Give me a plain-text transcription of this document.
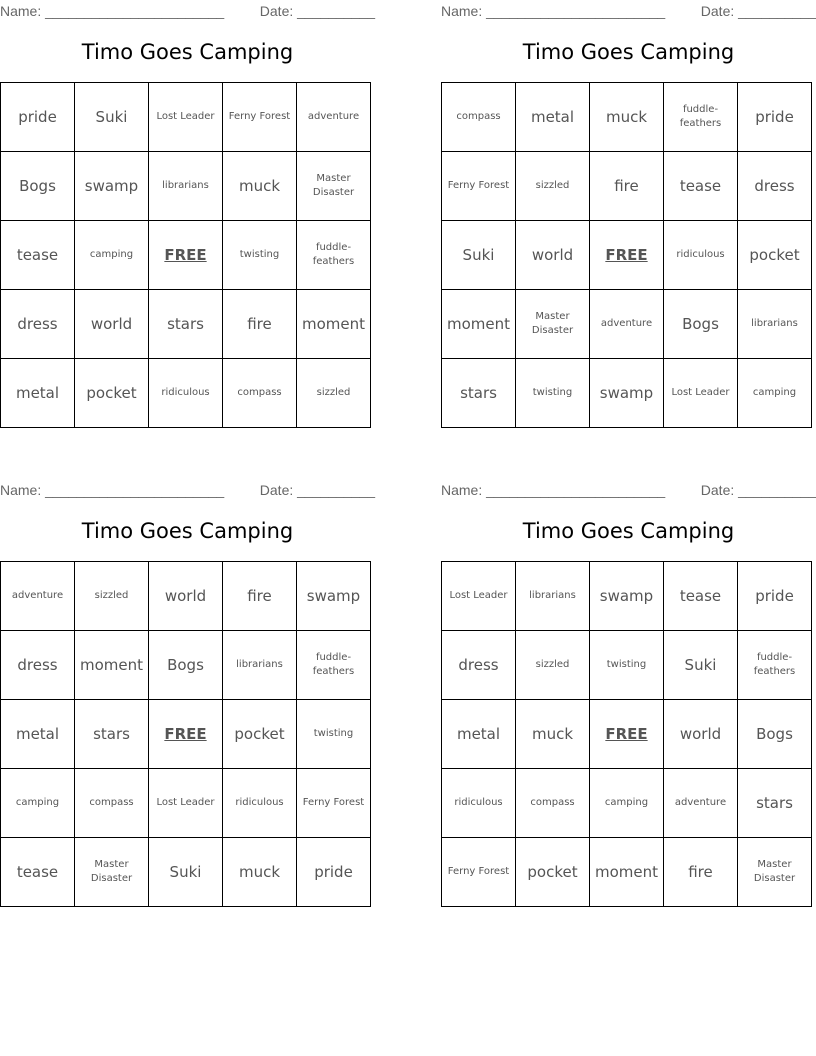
Name: _______________________	Date: __________
Timo Goes Camping
pride	Suki	Lost Leader	Ferny Forest	adventure
Bogs	swamp	librarians	muck	Master Disaster
tease	camping	FREE	twisting	fuddle-feathers
dress	world	stars	fire	moment
metal	pocket	ridiculous	compass	sizzled
Name: _______________________	Date: __________
Timo Goes Camping
compass	metal	muck	fuddle-feathers	pride
Ferny Forest	sizzled	fire	tease	dress
Suki	world	FREE	ridiculous	pocket
moment	Master Disaster	adventure	Bogs	librarians
stars	twisting	swamp	Lost Leader	camping
Name: _______________________	Date: __________
Timo Goes Camping
adventure	sizzled	world	fire	swamp
dress	moment	Bogs	librarians	fuddle-feathers
metal	stars	FREE	pocket	twisting
camping	compass	Lost Leader	ridiculous	Ferny Forest
tease	Master Disaster	Suki	muck	pride
Name: _______________________	Date: __________
Timo Goes Camping
Lost Leader	librarians	swamp	tease	pride
dress	sizzled	twisting	Suki	fuddle-feathers
metal	muck	FREE	world	Bogs
ridiculous	compass	camping	adventure	stars
Ferny Forest	pocket	moment	fire	Master Disaster
